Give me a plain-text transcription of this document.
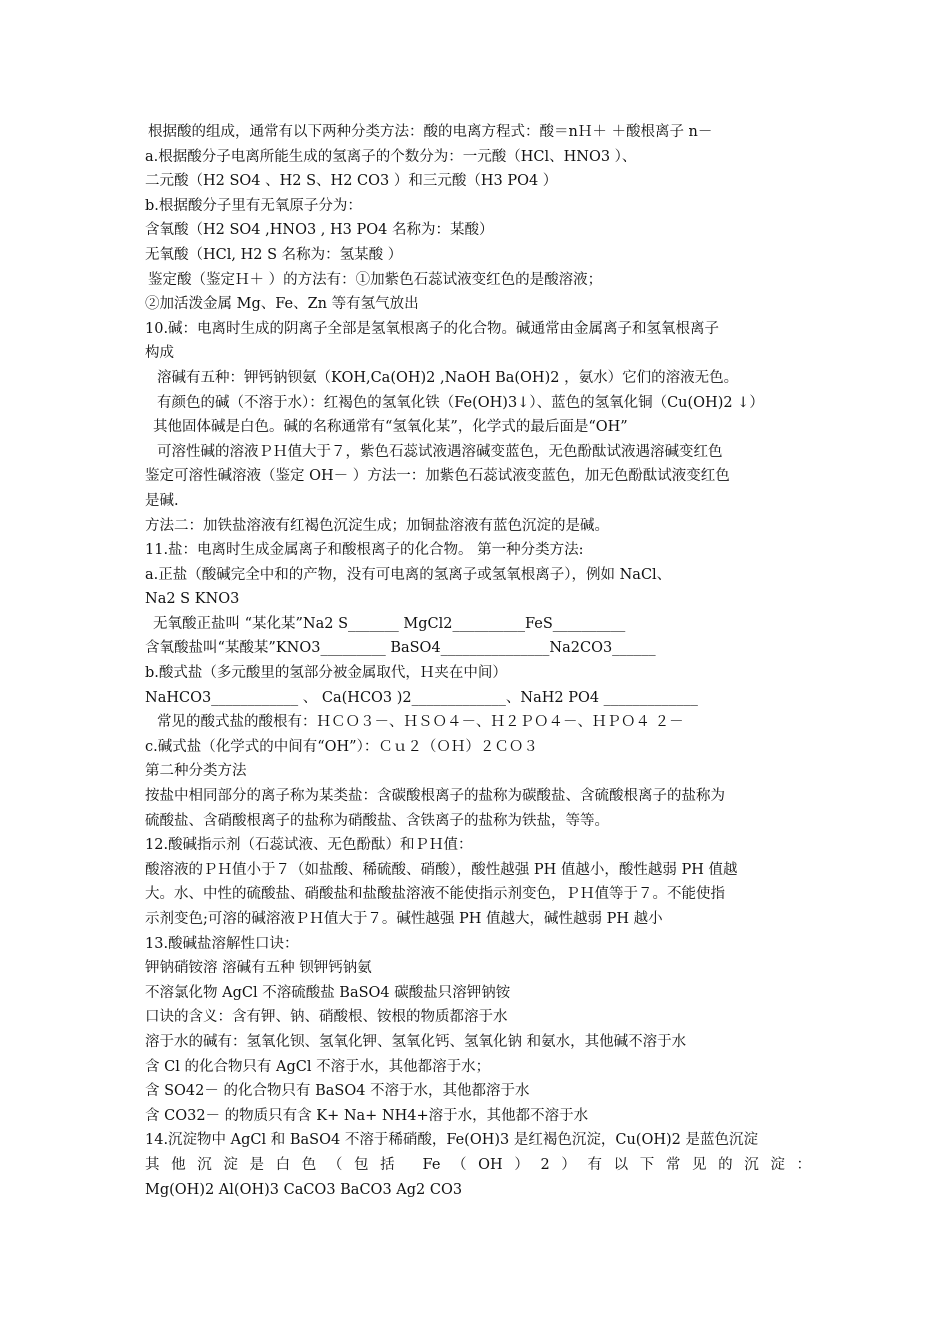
根据酸的组成，通常有以下两种分类方法：酸的电离方程式：酸＝nＨ＋ ＋酸根离子 n－
a.根据酸分子电离所能生成的氢离子的个数分为：一元酸（HCl、HNO3 ）、
二元酸（H2 SO4 、H2 S、H2 CO3 ）和三元酸（H3 PO4 ）
b.根据酸分子里有无氧原子分为：
含氧酸（H2 SO4 ,HNO3 , H3 PO4 名称为：某酸）
无氧酸（HCl, H2 S 名称为：氢某酸 ）
鉴定酸（鉴定Ｈ＋ ）的方法有：①加紫色石蕊试液变红色的是酸溶液；
②加活泼金属 Mg、Fe、Zn 等有氢气放出
10.碱：电离时生成的阴离子全部是氢氧根离子的化合物。碱通常由金属离子和氢氧根离子
构成
溶碱有五种：钾钙钠钡氨（KOH,Ca(OH)2 ,NaOH Ba(OH)2 ，氨水）它们的溶液无色。
有颜色的碱（不溶于水）：红褐色的氢氧化铁（Fe(OH)3↓）、蓝色的氢氧化铜（Cu(OH)2 ↓）
其他固体碱是白色。碱的名称通常有“氢氧化某”，化学式的最后面是“OH”
可溶性碱的溶液ＰＨ值大于７，紫色石蕊试液遇溶碱变蓝色，无色酚酞试液遇溶碱变红色
鉴定可溶性碱溶液（鉴定 OH－ ）方法一：加紫色石蕊试液变蓝色，加无色酚酞试液变红色
是碱.
方法二：加铁盐溶液有红褐色沉淀生成；加铜盐溶液有蓝色沉淀的是碱。
11.盐：电离时生成金属离子和酸根离子的化合物。 第一种分类方法:
a.正盐（酸碱完全中和的产物，没有可电离的氢离子或氢氧根离子），例如 NaCl、
Na2 S KNO3
无氧酸正盐叫 “某化某”Na2 S_______ MgCl2__________FeS__________
含氧酸盐叫“某酸某”KNO3_________ BaSO4_______________Na2CO3______
b.酸式盐（多元酸里的氢部分被金属取代，Ｈ夹在中间）
NaHCO3____________ 、 Ca(HCO3 )2_____________、NaH2 PO4 _____________
常见的酸式盐的酸根有：ＨＣＯ３－、ＨＳＯ４－、Ｈ２ＰＯ４－、ＨＰＯ４ ２－
c.碱式盐（化学式的中间有“OH”）：Ｃｕ２（ＯＨ）２ＣＯ３
第二种分类方法
按盐中相同部分的离子称为某类盐：含碳酸根离子的盐称为碳酸盐、含硫酸根离子的盐称为
硫酸盐、含硝酸根离子的盐称为硝酸盐、含铁离子的盐称为铁盐，等等。
12.酸碱指示剂（石蕊试液、无色酚酞）和ＰＨ值：
酸溶液的ＰＨ值小于７（如盐酸、稀硫酸、硝酸），酸性越强 PH 值越小，酸性越弱 PH 值越
大。水、中性的硫酸盐、硝酸盐和盐酸盐溶液不能使指示剂变色，ＰＨ值等于７。不能使指
示剂变色;可溶的碱溶液ＰＨ值大于７。碱性越强 PH 值越大，碱性越弱 PH 越小
13.酸碱盐溶解性口诀：
钾钠硝铵溶 溶碱有五种 钡钾钙钠氨
不溶氯化物 AgCl 不溶硫酸盐 BaSO4 碳酸盐只溶钾钠铵
口诀的含义：含有钾、钠、硝酸根、铵根的物质都溶于水
溶于水的碱有：氢氧化钡、氢氧化钾、氢氧化钙、氢氧化钠 和氨水，其他碱不溶于水
含 Cl 的化合物只有 AgCl 不溶于水，其他都溶于水；
含 SO42－ 的化合物只有 BaSO4 不溶于水，其他都溶于水
含 CO32－ 的物质只有含 K+ Na+ NH4+溶于水，其他都不溶于水
14.沉淀物中 AgCl 和 BaSO4 不溶于稀硝酸，Fe(OH)3 是红褐色沉淀，Cu(OH)2 是蓝色沉淀
其他沉淀是白色（包括 Fe（OH）2）有以下常见的沉淀：
Mg(OH)2 Al(OH)3 CaCO3 BaCO3 Ag2 CO3
